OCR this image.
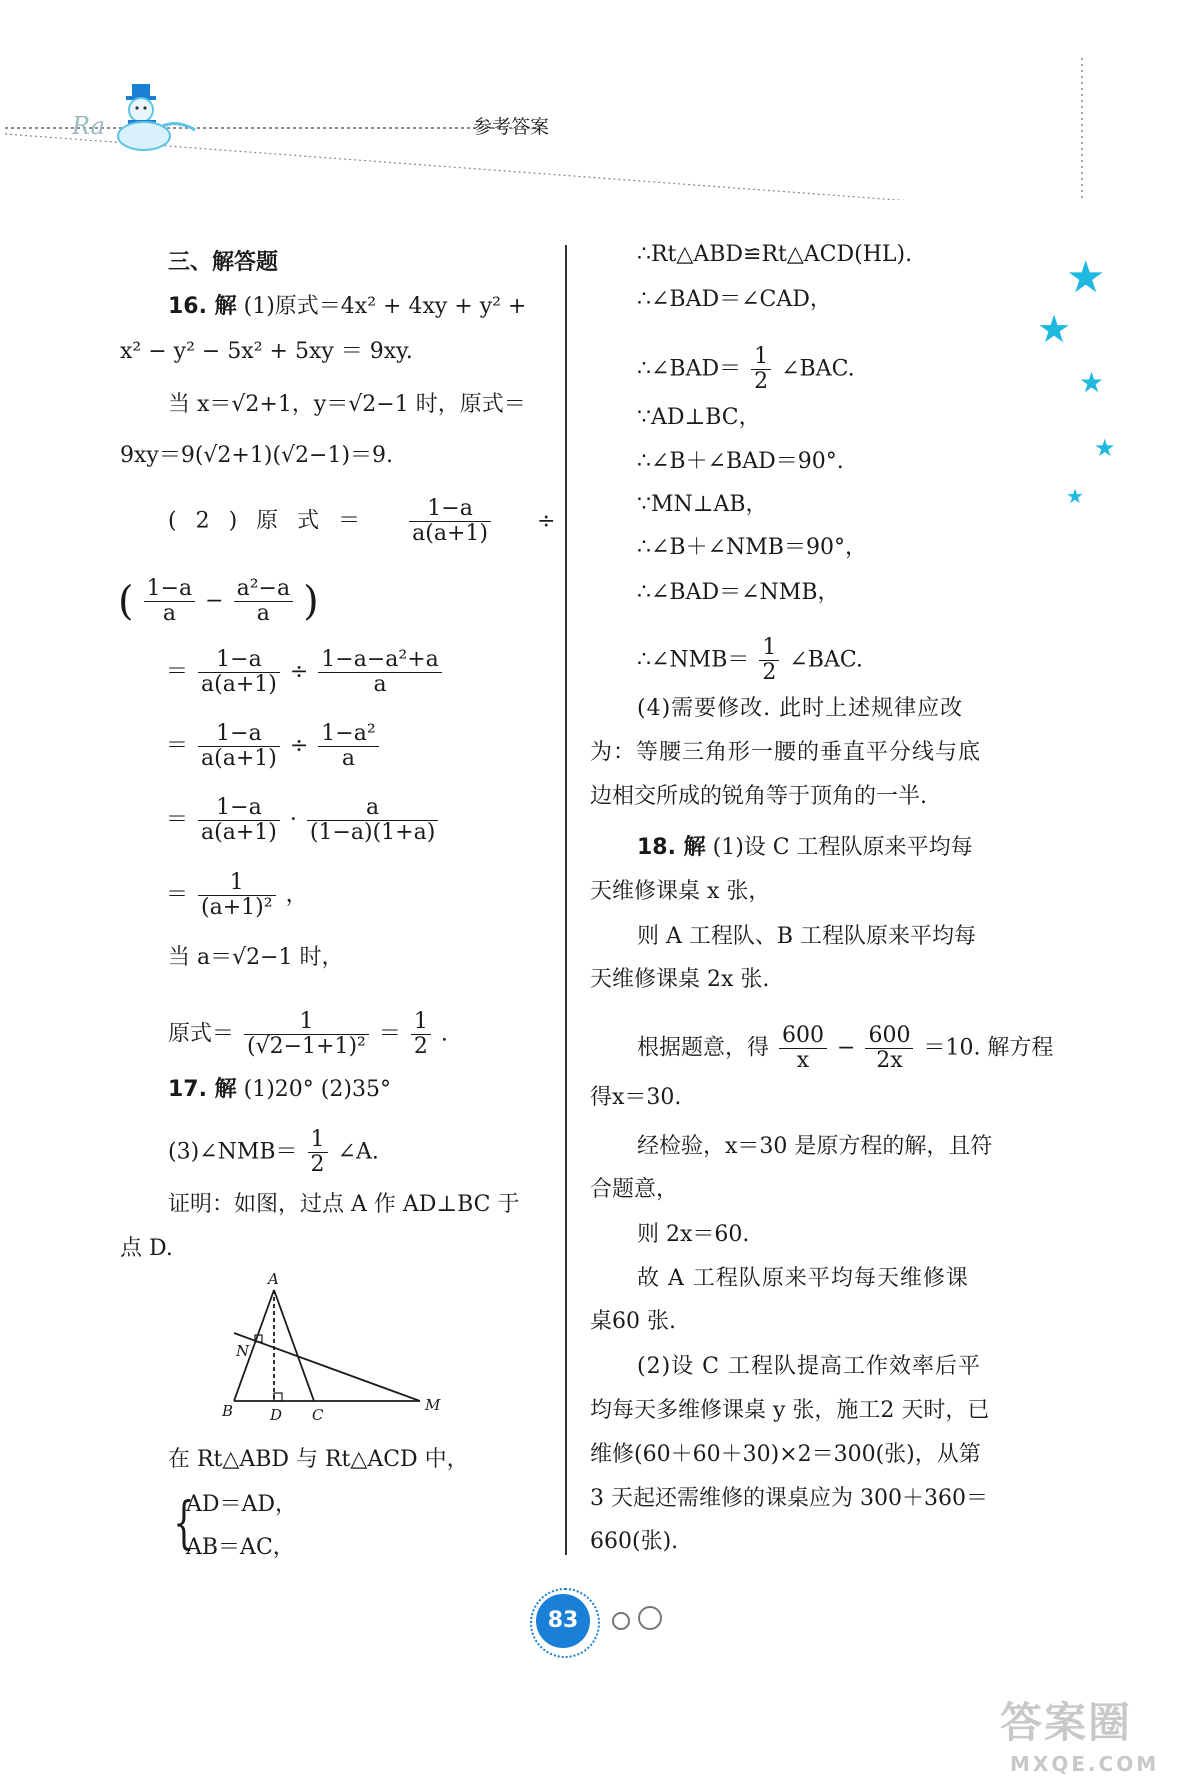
Ra	参考答案
★
★
★
★
★
三、解答题
16. 解 (1)原式＝4x² + 4xy + y² +
x² − y² − 5x² + 5xy ＝ 9xy.
当 x＝√2+1，y＝√2−1 时，原式＝
9xy＝9(√2+1)(√2−1)＝9.
( 2 ) 原 式 ＝ $\frac{1-a}{a(a+1)}$ ÷
( $\frac{1-a}{a} - \frac{\text{a²−a}}{a}$ )
＝ $\frac{1-a}{a(a+1)} \div \frac{\text{1−a−a²+a}}{a}$
＝ $\frac{1-a}{a(a+1)} \div \frac{\text{1−a²}}{a}$
＝ $\frac{1-a}{a(a+1)} \cdot \frac{a}{(1-a)(1+a)}$
＝ $\frac{1}{\text{(a+1)²}}$ ，
当 a＝√2−1 时，
原式＝ $\frac{1}{\text{(√2−1+1)²}} = \frac{1}{2}$ .
17. 解 (1)20° (2)35°
(3)∠NMB＝ $\frac{1}{2}$ ∠A.
证明：如图，过点 A 作 AD⊥BC 于
点 D.
A
B	C
D
M
N
在 Rt△ABD 与 Rt△ACD 中，
{
AD＝AD，
AB＝AC，
∴Rt△ABD≌Rt△ACD(HL).
∴∠BAD＝∠CAD，
∴∠BAD＝ $\frac{1}{2}$ ∠BAC.
∵AD⊥BC，
∴∠B＋∠BAD＝90°.
∵MN⊥AB，
∴∠B＋∠NMB＝90°，
∴∠BAD＝∠NMB，
∴∠NMB＝ $\frac{1}{2}$ ∠BAC.
(4)需要修改. 此时上述规律应改
为：等腰三角形一腰的垂直平分线与底
边相交所成的锐角等于顶角的一半.
18. 解 (1)设 C 工程队原来平均每
天维修课桌 x 张，
则 A 工程队、B 工程队原来平均每
天维修课桌 2x 张.
根据题意，得 $\frac{600}{x} - \frac{600}{2x} =10$. 解方程
得x＝30.
经检验，x＝30 是原方程的解，且符
合题意，
则 2x＝60.
故 A 工程队原来平均每天维修课
桌60 张.
(2)设 C 工程队提高工作效率后平
均每天多维修课桌 y 张，施工2 天时，已
维修(60＋60＋30)×2＝300(张)，从第
3 天起还需维修的课桌应为 300＋360＝
660(张).
83
答案圈
MXQE.COM
